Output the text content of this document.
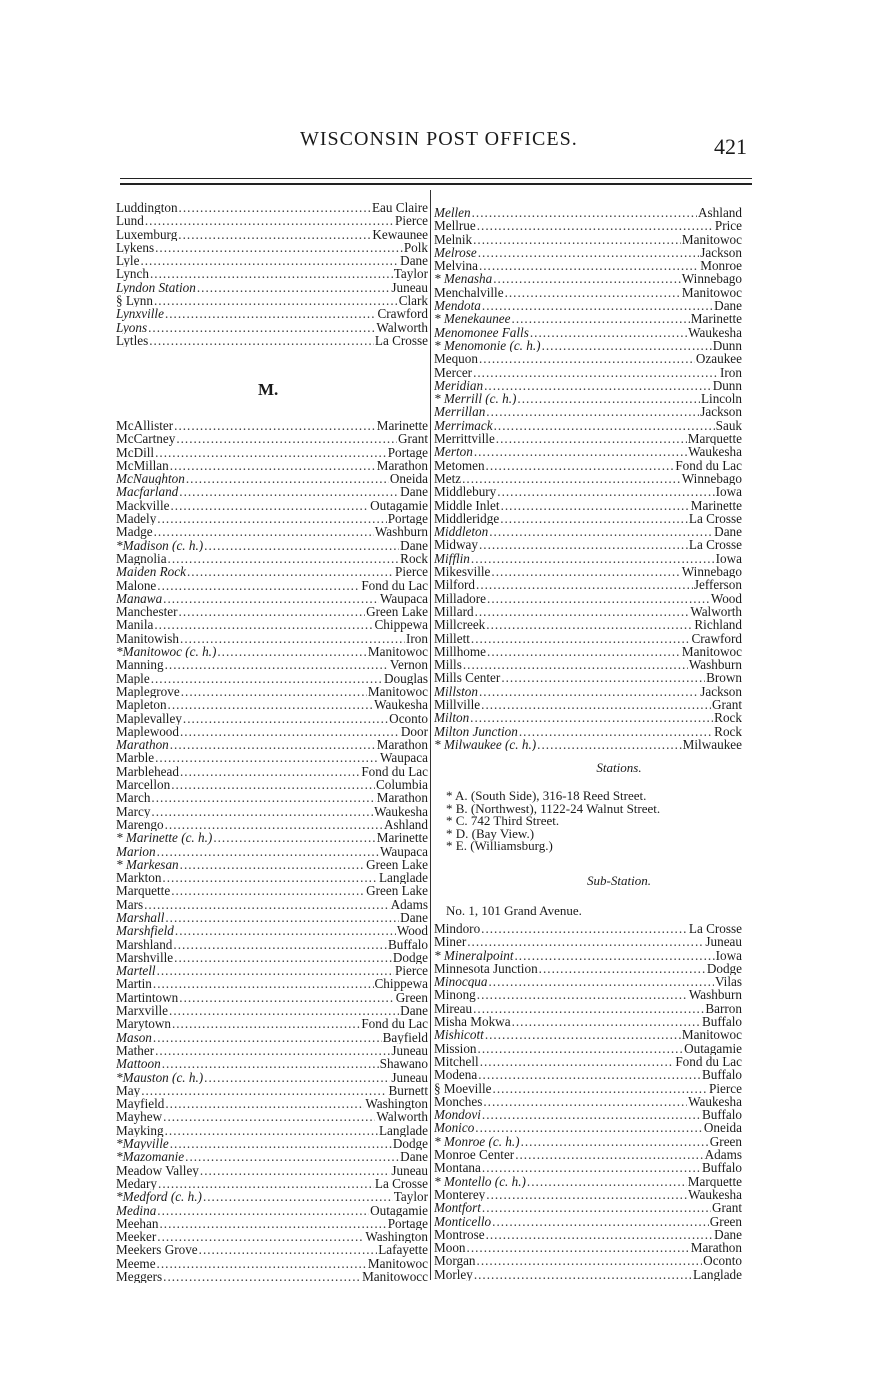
WISCONSIN POST OFFICES.	421
Luddington .....	Eau Claire
Lund .....	Pierce
Luxemburg .....	Kewaunee
Lykens .....	Polk
Lyle .....	Dane
Lynch .....	Taylor
Lyndon Station .....	Juneau
§ Lynn .....	Clark
Lynxville .....	Crawford
Lyons .....	Walworth
Lytles .....	La Crosse
M.
McAllister .....	Marinette
McCartney .....	Grant
McDill .....	Portage
McMillan .....	Marathon
McNaughton .....	Oneida
Macfarland .....	Dane
Mackville .....	Outagamie
Madely .....	Portage
Madge .....	Washburn
*Madison (c. h.) .....	Dane
Magnolia .....	Rock
Maiden Rock .....	Pierce
Malone .....	Fond du Lac
Manawa .....	Waupaca
Manchester .....	Green Lake
Manila .....	Chippewa
Manitowish .....	Iron
*Manitowoc (c. h.) .....	Manitowoc
Manning .....	Vernon
Maple .....	Douglas
Maplegrove .....	Manitowoc
Mapleton .....	Waukesha
Maplevalley .....	Oconto
Maplewood .....	Door
Marathon .....	Marathon
Marble .....	Waupaca
Marblehead .....	Fond du Lac
Marcellon .....	Columbia
March .....	Marathon
Marcy .....	Waukesha
Marengo .....	Ashland
* Marinette (c. h.) .....	Marinette
Marion .....	Waupaca
* Markesan .....	Green Lake
Markton .....	Langlade
Marquette .....	Green Lake
Mars .....	Adams
Marshall .....	Dane
Marshfield .....	Wood
Marshland .....	Buffalo
Marshville .....	Dodge
Martell .....	Pierce
Martin .....	Chippewa
Martintown .....	Green
Marxville .....	Dane
Marytown .....	Fond du Lac
Mason .....	Bayfield
Mather .....	Juneau
Mattoon .....	Shawano
*Mauston (c. h.) .....	Juneau
May .....	Burnett
Mayfield .....	Washington
Mayhew .....	Walworth
Mayking .....	Langlade
*Mayville .....	Dodge
*Mazomanie .....	Dane
Meadow Valley .....	Juneau
Medary .....	La Crosse
*Medford (c. h.) .....	Taylor
Medina .....	Outagamie
Meehan .....	Portage
Meeker .....	Washington
Meekers Grove .....	Lafayette
Meeme .....	Manitowoc
Meggers .....	Manitowocc
Mellen .....	Ashland
Mellrue .....	Price
Melnik .....	Manitowoc
Melrose .....	Jackson
Melvina .....	Monroe
* Menasha .....	Winnebago
Menchalville .....	Manitowoc
Mendota .....	Dane
* Menekaunee .....	Marinette
Menomonee Falls .....	Waukesha
* Menomonie (c. h.) .....	Dunn
Mequon .....	Ozaukee
Mercer .....	Iron
Meridian .....	Dunn
* Merrill (c. h.) .....	Lincoln
Merrillan .....	Jackson
Merrimack .....	Sauk
Merrittville .....	Marquette
Merton .....	Waukesha
Metomen .....	Fond du Lac
Metz .....	Winnebago
Middlebury .....	Iowa
Middle Inlet .....	Marinette
Middleridge .....	La Crosse
Middleton .....	Dane
Midway .....	La Crosse
Mifflin .....	Iowa
Mikesville .....	Winnebago
Milford .....	Jefferson
Milladore .....	Wood
Millard .....	Walworth
Millcreek .....	Richland
Millett .....	Crawford
Millhome .....	Manitowoc
Mills .....	Washburn
Mills Center .....	Brown
Millston .....	Jackson
Millville .....	Grant
Milton .....	Rock
Milton Junction .....	Rock
* Milwaukee (c. h.) .....	Milwaukee
Stations.
* A. (South Side), 316-18 Reed Street.
* B. (Northwest), 1122-24 Walnut Street.
* C. 742 Third Street.
* D. (Bay View.)
* E. (Williamsburg.)
Sub-Station.
No. 1, 101 Grand Avenue.
Mindoro .....	La Crosse
Miner .....	Juneau
* Mineralpoint .....	Iowa
Minnesota Junction .....	Dodge
Minocqua .....	Vilas
Minong .....	Washburn
Mireau .....	Barron
Misha Mokwa .....	Buffalo
Mishicott .....	Manitowoc
Mission .....	Outagamie
Mitchell .....	Fond du Lac
Modena .....	Buffalo
§ Moeville .....	Pierce
Monches .....	Waukesha
Mondovi .....	Buffalo
Monico .....	Oneida
* Monroe (c. h.) .....	Green
Monroe Center .....	Adams
Montana .....	Buffalo
* Montello (c. h.) .....	Marquette
Monterey .....	Waukesha
Montfort .....	Grant
Monticello .....	Green
Montrose .....	Dane
Moon .....	Marathon
Morgan .....	Oconto
Morley .....	Langlade
